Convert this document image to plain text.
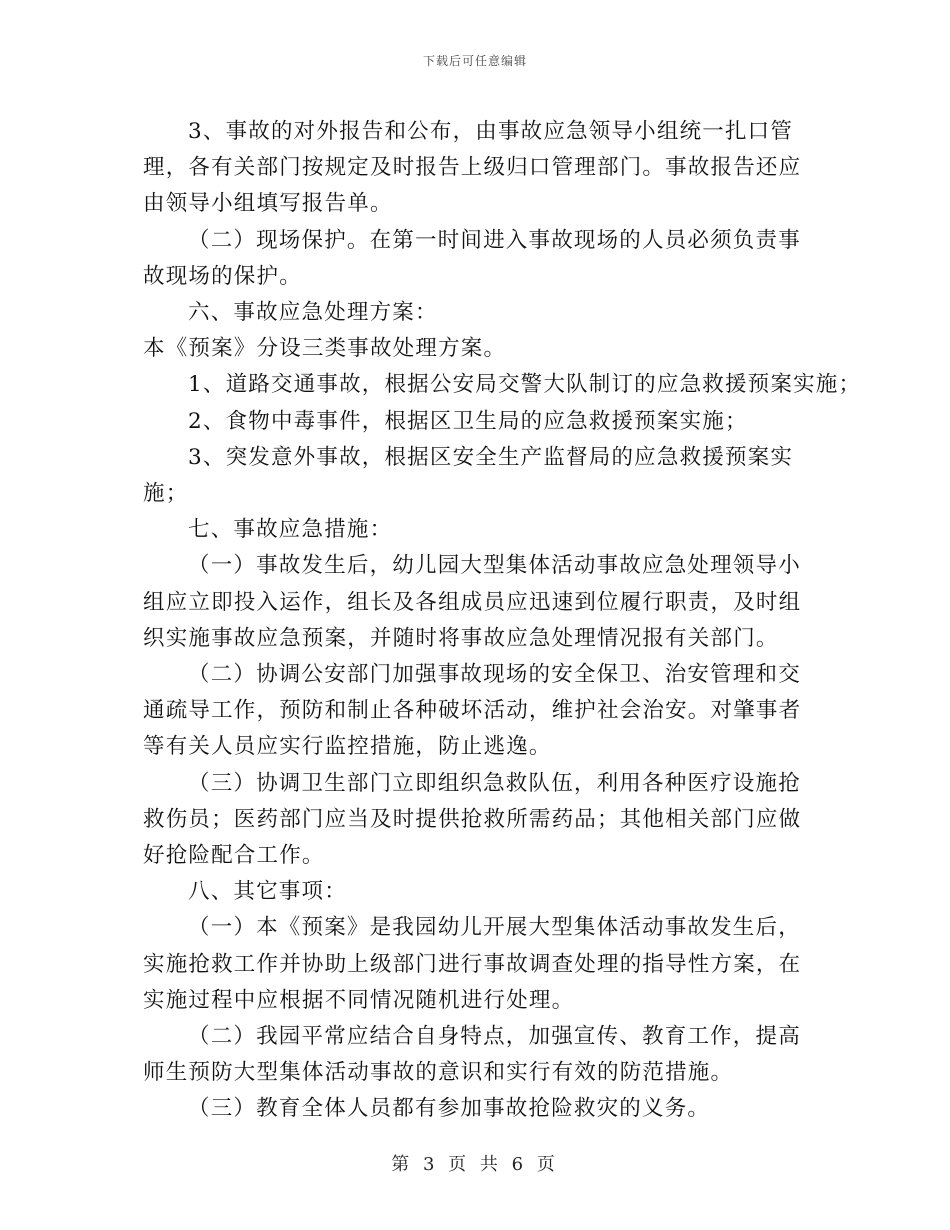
下载后可任意编辑

3、事故的对外报告和公布，由事故应急领导小组统一扎口管理，各有关部门按规定及时报告上级归口管理部门。事故报告还应由领导小组填写报告单。

（二）现场保护。在第一时间进入事故现场的人员必须负责事故现场的保护。

六、事故应急处理方案：

本《预案》分设三类事故处理方案。

1、道路交通事故，根据公安局交警大队制订的应急救援预案实施；

2、食物中毒事件，根据区卫生局的应急救援预案实施；

3、突发意外事故，根据区安全生产监督局的应急救援预案实施；

七、事故应急措施：

（一）事故发生后，幼儿园大型集体活动事故应急处理领导小组应立即投入运作，组长及各组成员应迅速到位履行职责，及时组织实施事故应急预案，并随时将事故应急处理情况报有关部门。

（二）协调公安部门加强事故现场的安全保卫、治安管理和交通疏导工作，预防和制止各种破坏活动，维护社会治安。对肇事者等有关人员应实行监控措施，防止逃逸。

（三）协调卫生部门立即组织急救队伍，利用各种医疗设施抢救伤员；医药部门应当及时提供抢救所需药品；其他相关部门应做好抢险配合工作。

八、其它事项：

（一）本《预案》是我园幼儿开展大型集体活动事故发生后，实施抢救工作并协助上级部门进行事故调查处理的指导性方案，在实施过程中应根据不同情况随机进行处理。

（二）我园平常应结合自身特点，加强宣传、教育工作，提高师生预防大型集体活动事故的意识和实行有效的防范措施。

（三）教育全体人员都有参加事故抢险救灾的义务。

第 3 页 共 6 页
